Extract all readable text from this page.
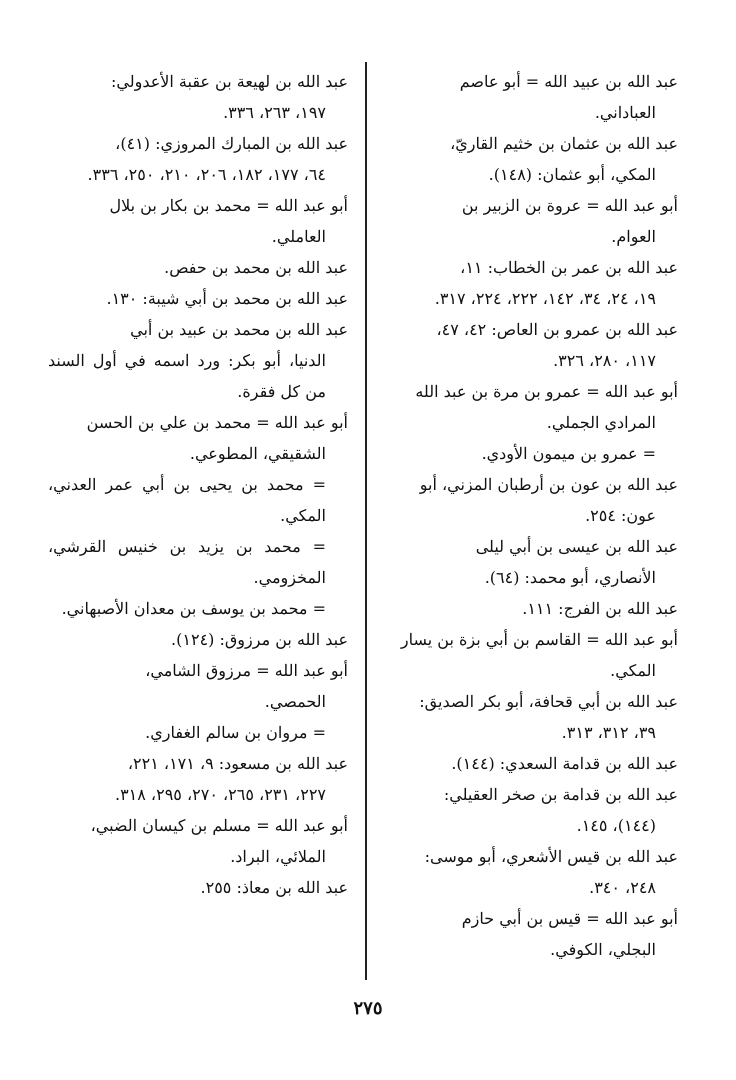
عبد الله بن عبيد الله = أبو عاصم
العباداني.

عبد الله بن عثمان بن خثيم القاريّ،
المكي، أبو عثمان: (١٤٨).

أبو عبد الله = عروة بن الزبير بن
العوام.

عبد الله بن عمر بن الخطاب: ١١،
١٩، ٢٤، ٣٤، ١٤٢، ٢٢٢، ٢٢٤، ٣١٧.

عبد الله بن عمرو بن العاص: ٤٢، ٤٧،
١١٧، ٢٨٠، ٣٢٦.

أبو عبد الله = عمرو بن مرة بن عبد الله
المرادي الجملي.

= عمرو بن ميمون الأودي.

عبد الله بن عون بن أرطبان المزني، أبو
عون: ٢٥٤.

عبد الله بن عيسى بن أبي ليلى
الأنصاري، أبو محمد: (٦٤).

عبد الله بن الفرج: ١١١.

أبو عبد الله = القاسم بن أبي بزة بن يسار
المكي.

عبد الله بن أبي قحافة، أبو بكر الصديق:
٣٩، ٣١٢، ٣١٣.

عبد الله بن قدامة السعدي: (١٤٤).

عبد الله بن قدامة بن صخر العقيلي:
(١٤٤)، ١٤٥.

عبد الله بن قيس الأشعري، أبو موسى:
٢٤٨، ٣٤٠.

أبو عبد الله = قيس بن أبي حازم
البجلي، الكوفي.

عبد الله بن لهيعة بن عقبة الأعدولي:
١٩٧، ٢٦٣، ٣٣٦.

عبد الله بن المبارك المروزي: (٤١)،
٦٤، ١٧٧، ١٨٢، ٢٠٦، ٢١٠، ٢٥٠، ٣٣٦.

أبو عبد الله = محمد بن بكار بن بلال
العاملي.

عبد الله بن محمد بن حفص.

عبد الله بن محمد بن أبي شيبة: ١٣٠.

عبد الله بن محمد بن عبيد بن أبي
الدنيا، أبو بكر: ورد اسمه في أول السند من كل فقرة.

أبو عبد الله = محمد بن علي بن الحسن
الشقيقي، المطوعي.

= محمد بن يحيى بن أبي عمر العدني، المكي.

= محمد بن يزيد بن خنيس القرشي، المخزومي.

= محمد بن يوسف بن معدان الأصبهاني.

عبد الله بن مرزوق: (١٢٤).

أبو عبد الله = مرزوق الشامي،
الحمصي.

= مروان بن سالم الغفاري.

عبد الله بن مسعود: ٩، ١٧١، ٢٢١،
٢٢٧، ٢٣١، ٢٦٥، ٢٧٠، ٢٩٥، ٣١٨.

أبو عبد الله = مسلم بن كيسان الضبي،
الملائي، البراد.

عبد الله بن معاذ: ٢٥٥.

٢٧٥
